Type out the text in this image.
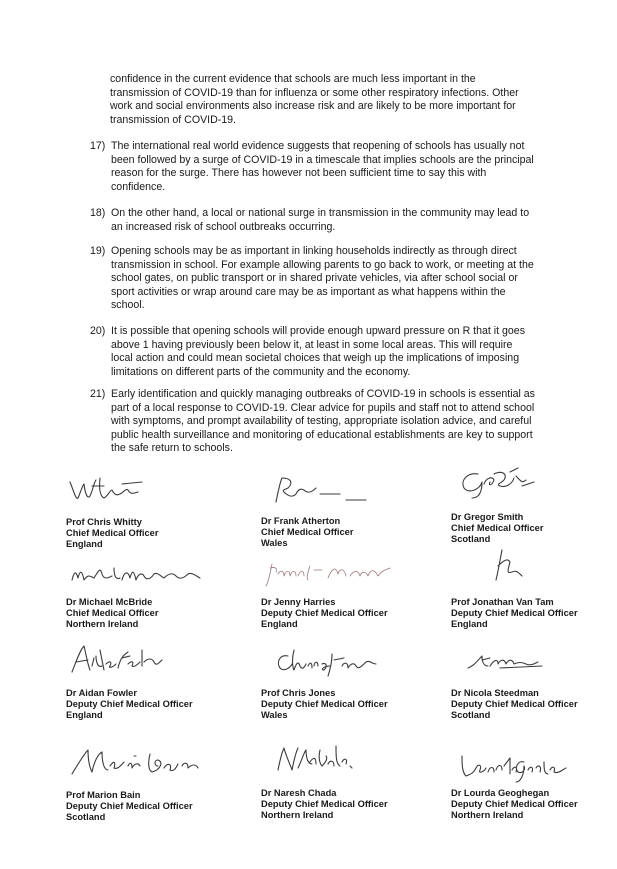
confidence in the current evidence that schools are much less important in the transmission of COVID-19 than for influenza or some other respiratory infections. Other work and social environments also increase risk and are likely to be more important for transmission of COVID-19.
17) The international real world evidence suggests that reopening of schools has usually not been followed by a surge of COVID-19 in a timescale that implies schools are the principal reason for the surge. There has however not been sufficient time to say this with confidence.
18) On the other hand, a local or national surge in transmission in the community may lead to an increased risk of school outbreaks occurring.
19) Opening schools may be as important in linking households indirectly as through direct transmission in school. For example allowing parents to go back to work, or meeting at the school gates, on public transport or in shared private vehicles, via after school social or sport activities or wrap around care may be as important as what happens within the school.
20) It is possible that opening schools will provide enough upward pressure on R that it goes above 1 having previously been below it, at least in some local areas. This will require local action and could mean societal choices that weigh up the implications of imposing limitations on different parts of the community and the economy.
21) Early identification and quickly managing outbreaks of COVID-19 in schools is essential as part of a local response to COVID-19. Clear advice for pupils and staff not to attend school with symptoms, and prompt availability of testing, appropriate isolation advice, and careful public health surveillance and monitoring of educational establishments are key to support the safe return to schools.
Prof Chris Whitty
Chief Medical Officer
England
Dr Frank Atherton
Chief Medical Officer
Wales
Dr Gregor Smith
Chief Medical Officer
Scotland
Dr Michael McBride
Chief Medical Officer
Northern Ireland
Dr Jenny Harries
Deputy Chief Medical Officer
England
Prof Jonathan Van Tam
Deputy Chief Medical Officer
England
Dr Aidan Fowler
Deputy Chief Medical Officer
England
Prof Chris Jones
Deputy Chief Medical Officer
Wales
Dr Nicola Steedman
Deputy Chief Medical Officer
Scotland
Prof Marion Bain
Deputy Chief Medical Officer
Scotland
Dr Naresh Chada
Deputy Chief Medical Officer
Northern Ireland
Dr Lourda Geoghegan
Deputy Chief Medical Officer
Northern Ireland
